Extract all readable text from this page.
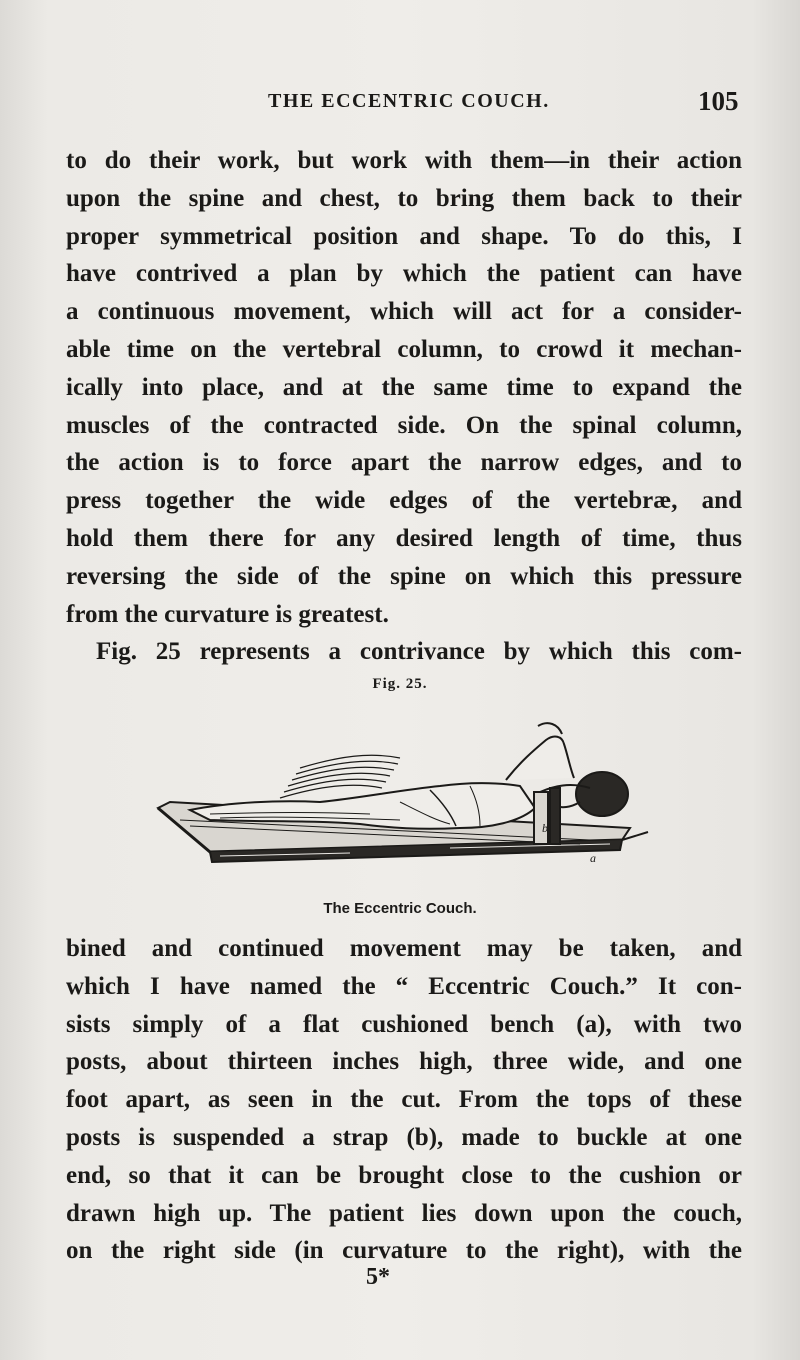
THE ECCENTRIC COUCH.	105
to do their work, but work with them—in their action
upon the spine and chest, to bring them back to their
proper symmetrical position and shape. To do this, I
have contrived a plan by which the patient can have
a continuous movement, which will act for a consider-
able time on the vertebral column, to crowd it mechan-
ically into place, and at the same time to expand the
muscles of the contracted side. On the spinal column,
the action is to force apart the narrow edges, and to
press together the wide edges of the vertebræ, and
hold them there for any desired length of time, thus
reversing the side of the spine on which this pressure
from the curvature is greatest.
Fig. 25 represents a contrivance by which this com-
Fig. 25.
b
a
The Eccentric Couch.
bined and continued movement may be taken, and
which I have named the “ Eccentric Couch.” It con-
sists simply of a flat cushioned bench (a), with two
posts, about thirteen inches high, three wide, and one
foot apart, as seen in the cut. From the tops of these
posts is suspended a strap (b), made to buckle at one
end, so that it can be brought close to the cushion or
drawn high up. The patient lies down upon the couch,
on the right side (in curvature to the right), with the
5*
